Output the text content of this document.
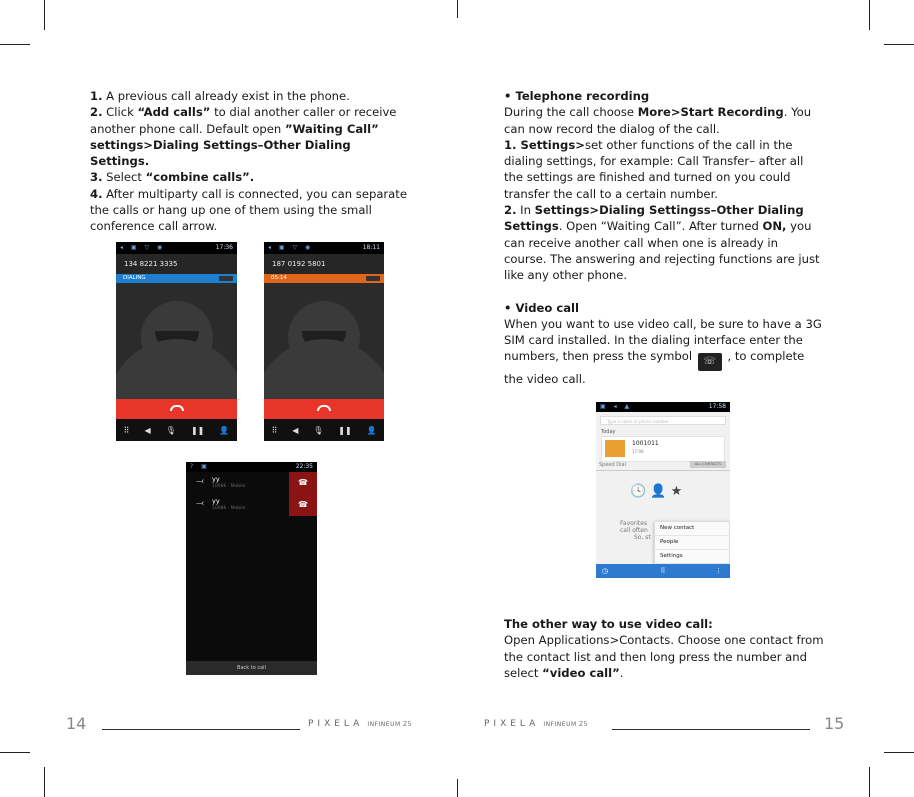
1. A previous call already exist in the phone.

2. Click “Add calls” to dial another caller or receive another phone call. Default open ”Waiting Call” settings>Dialing Settings–Other Dialing Settings.

3. Select “combine calls”.

4. After multiparty call is connected, you can separate the calls or hang up one of them using the small conference call arrow.

◂ ▣ ▽ ◉	17:36
134 8221 3335
DIALING
⠿ ◀ 🎙 ❚❚ 👤
◂ ▣ ▽ ◉	18:11
187 0192 5801
05:14
⠿ ◀ 🎙 ❚❚ 👤
? ▣	22:35
⤙ yy
10086 · Mobile
⤙ yy
10086 · Mobile
☎
☎
Back to call

• Telephone recording

During the call choose More>Start Recording. You can now record the dialog of the call.

1. Settings>set other functions of the call in the dialing settings, for example: Call Transfer– after all the settings are finished and turned on you could transfer the call to a certain number.

2. In Settings>Dialing Settingss–Other Dialing Settings. Open “Waiting Call”. After turned ON, you can receive another call when one is already in course. The answering and rejecting functions are just like any other phone.

• Video call

When you want to use video call, be sure to have a 3G SIM card installed. In the dialing interface enter the numbers, then press the symbol ☏ , to complete the video call.

▣ ◂ ▲	17:58
Type a name or phone number
Today
1001011
17:08
Speed Dial	ALL CONTACTS
🕓 👤 ★
Favorites
call often
So, st
New contact
People
Settings
◷	⠿	⋮

The other way to use video call:

Open Applications>Contacts. Choose one contact from the contact list and then long press the number and select “video call”.

14	PIXELA INFINEUM Z5	PIXELA INFINEUM Z5	15
